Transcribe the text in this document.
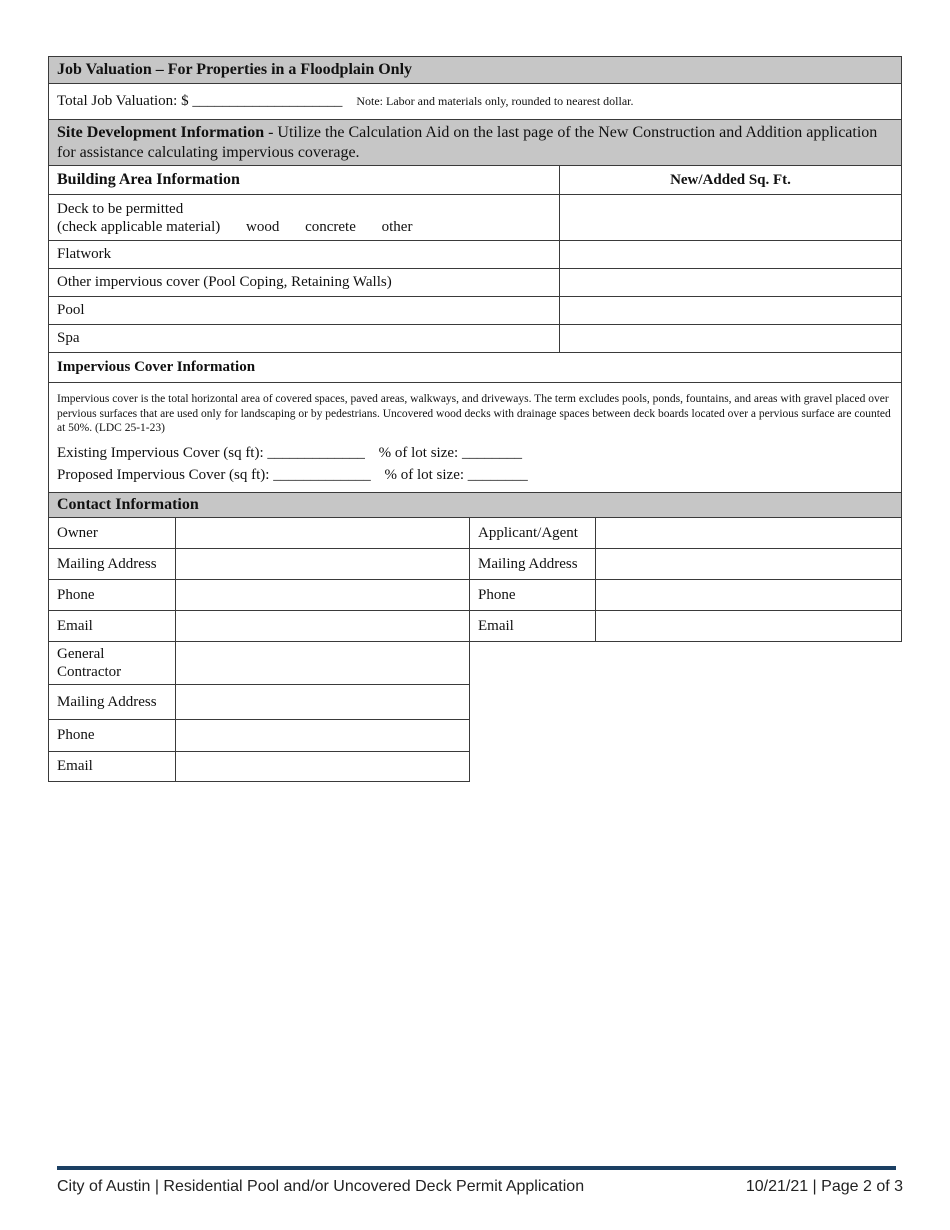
Job Valuation – For Properties in a Floodplain Only
Total Job Valuation: $ ____________________ Note: Labor and materials only, rounded to nearest dollar.
Site Development Information - Utilize the Calculation Aid on the last page of the New Construction and Addition application for assistance calculating impervious coverage.
Building Area Information	New/Added Sq. Ft.
Deck to be permitted
(check applicable material) wood concrete other
Flatwork
Other impervious cover (Pool Coping, Retaining Walls)
Pool
Spa
Impervious Cover Information
Impervious cover is the total horizontal area of covered spaces, paved areas, walkways, and driveways. The term excludes pools, ponds, fountains, and areas with gravel placed over pervious surfaces that are used only for landscaping or by pedestrians. Uncovered wood decks with drainage spaces between deck boards located over a pervious surface are counted at 50%. (LDC 25-1-23)
Existing Impervious Cover (sq ft): _____________ % of lot size: ________
Proposed Impervious Cover (sq ft): _____________ % of lot size: ________
Contact Information
Owner
Mailing Address
Phone
Email
Applicant/Agent
Mailing Address
Phone
Email
General
Contractor
Mailing Address
Phone
Email
City of Austin | Residential Pool and/or Uncovered Deck Permit Application	10/21/21 | Page 2 of 3
